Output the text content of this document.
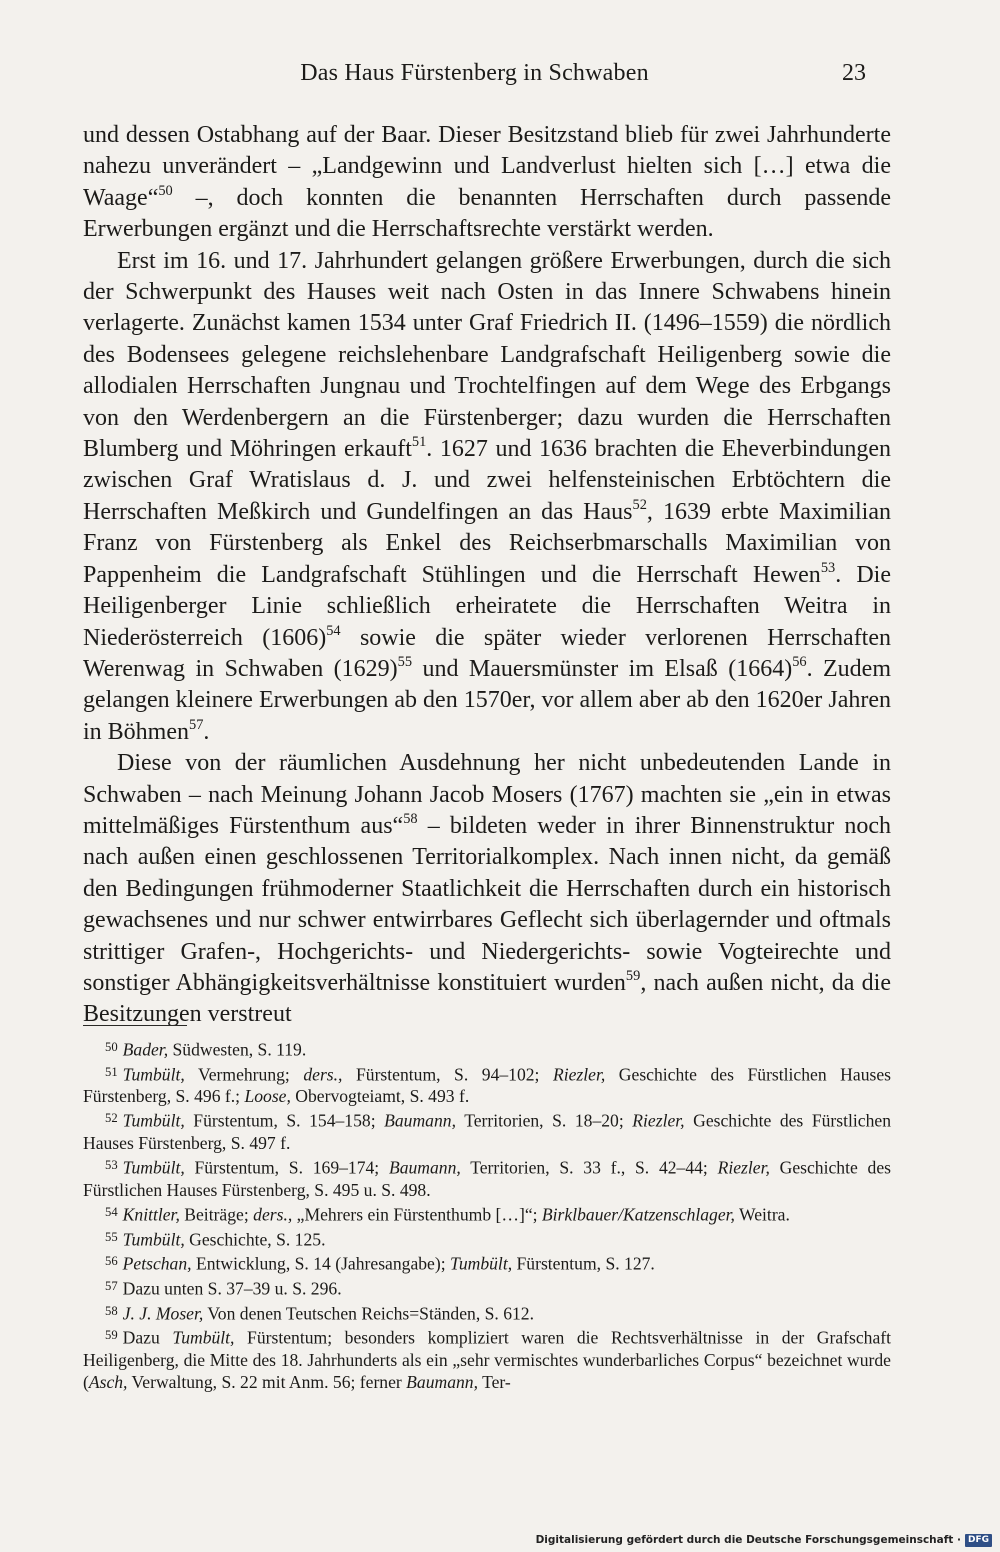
Das Haus Fürstenberg in Schwaben	23

und dessen Ostabhang auf der Baar. Dieser Besitzstand blieb für zwei Jahrhunderte nahezu unverändert – „Landgewinn und Landverlust hielten sich […] etwa die Waage“$^{50}$ –, doch konnten die benannten Herrschaften durch passende Erwerbungen ergänzt und die Herrschaftsrechte verstärkt werden.

Erst im 16. und 17. Jahrhundert gelangen größere Erwerbungen, durch die sich der Schwerpunkt des Hauses weit nach Osten in das Innere Schwabens hinein verlagerte. Zunächst kamen 1534 unter Graf Friedrich II. (1496–1559) die nördlich des Bodensees gelegene reichslehenbare Landgrafschaft Heiligenberg sowie die allodialen Herrschaften Jungnau und Trochtelfingen auf dem Wege des Erbgangs von den Werdenbergern an die Fürstenberger; dazu wurden die Herrschaften Blumberg und Möhringen erkauft$^{51}$. 1627 und 1636 brachten die Eheverbindungen zwischen Graf Wratislaus d. J. und zwei helfensteinischen Erbtöchtern die Herrschaften Meßkirch und Gundelfingen an das Haus$^{52}$, 1639 erbte Maximilian Franz von Fürstenberg als Enkel des Reichserbmarschalls Maximilian von Pappenheim die Landgrafschaft Stühlingen und die Herrschaft Hewen$^{53}$. Die Heiligenberger Linie schließlich erheiratete die Herrschaften Weitra in Niederösterreich $(1606)^{54}$ sowie die später wieder verlorenen Herrschaften Werenwag in Schwaben $(1629)^{55}$ und Mauersmünster im Elsaß $(1664)^{56}$. Zudem gelangen kleinere Erwerbungen ab den 1570er, vor allem aber ab den 1620er Jahren in Böhmen$^{57}$.

Diese von der räumlichen Ausdehnung her nicht unbedeutenden Lande in Schwaben – nach Meinung Johann Jacob Mosers (1767) machten sie „ein in etwas mittelmäßiges Fürstenthum aus“$^{58}$ – bildeten weder in ihrer Binnenstruktur noch nach außen einen geschlossenen Territorialkomplex. Nach innen nicht, da gemäß den Bedingungen frühmoderner Staatlichkeit die Herrschaften durch ein historisch gewachsenes und nur schwer entwirrbares Geflecht sich überlagernder und oftmals strittiger Grafen-, Hochgerichts- und Niedergerichts- sowie Vogteirechte und sonstiger Abhängigkeitsverhältnisse konstituiert wurden$^{59}$, nach außen nicht, da die Besitzungen verstreut

$^{50}$ Bader, Südwesten, S. 119.

$^{51}$ Tumbült, Vermehrung; ders., Fürstentum, S. 94–102; Riezler, Geschichte des Fürstlichen Hauses Fürstenberg, S. 496 f.; Loose, Obervogteiamt, S. 493 f.

$^{52}$ Tumbült, Fürstentum, S. 154–158; Baumann, Territorien, S. 18–20; Riezler, Geschichte des Fürstlichen Hauses Fürstenberg, S. 497 f.

$^{53}$ Tumbült, Fürstentum, S. 169–174; Baumann, Territorien, S. 33 f., S. 42–44; Riezler, Geschichte des Fürstlichen Hauses Fürstenberg, S. 495 u. S. 498.

$^{54}$ Knittler, Beiträge; ders., „Mehrers ein Fürstenthumb […]“; Birklbauer/Katzenschlager, Weitra.

$^{55}$ Tumbült, Geschichte, S. 125.

$^{56}$ Petschan, Entwicklung, S. 14 (Jahresangabe); Tumbült, Fürstentum, S. 127.

$^{57}$ Dazu unten S. 37–39 u. S. 296.

$^{58}$ J. J. Moser, Von denen Teutschen Reichs=Ständen, S. 612.

$^{59}$ Dazu Tumbült, Fürstentum; besonders kompliziert waren die Rechtsverhältnisse in der Grafschaft Heiligenberg, die Mitte des 18. Jahrhunderts als ein „sehr vermischtes wunderbarliches Corpus“ bezeichnet wurde (Asch, Verwaltung, S. 22 mit Anm. 56; ferner Baumann, Ter-

Digitalisierung gefördert durch die Deutsche Forschungsgemeinschaft · DFG
